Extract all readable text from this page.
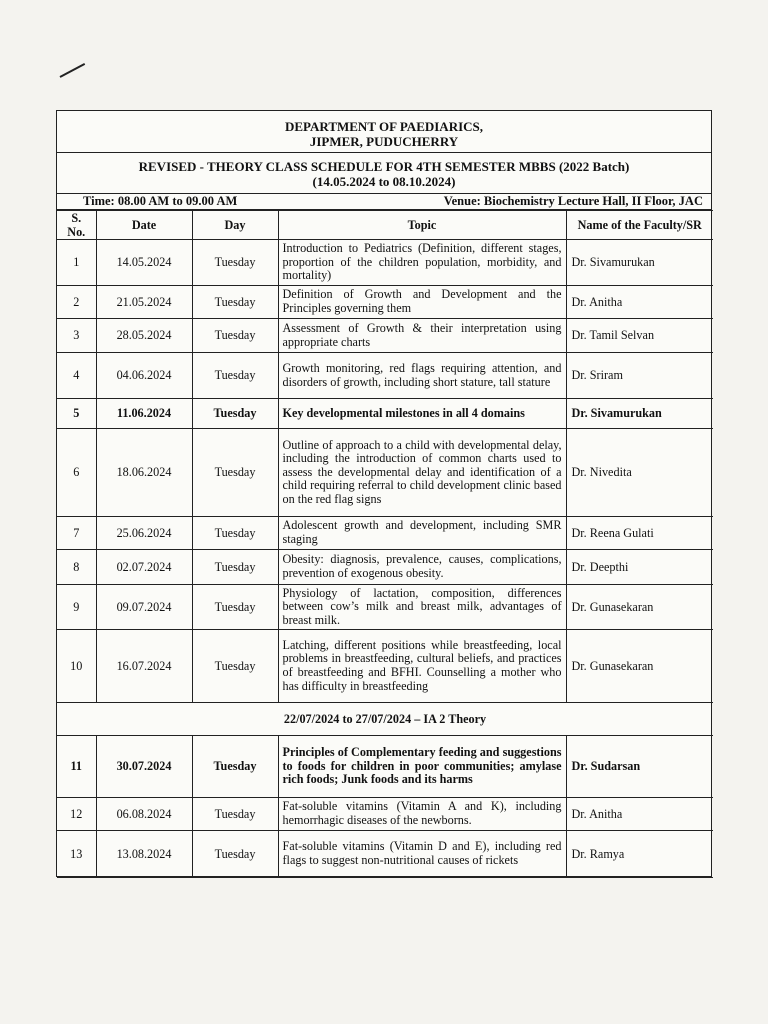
DEPARTMENT OF PAEDIARICS,
JIPMER, PUDUCHERRY
REVISED - THEORY CLASS SCHEDULE FOR 4TH SEMESTER MBBS (2022 Batch)
(14.05.2024 to 08.10.2024)
Time: 08.00 AM to 09.00 AM	Venue: Biochemistry Lecture Hall, II Floor, JAC
S. No.	Date	Day	Topic	Name of the Faculty/SR
1	14.05.2024	Tuesday	Introduction to Pediatrics (Definition, different stages, proportion of the children population, morbidity, and mortality)	Dr. Sivamurukan
2	21.05.2024	Tuesday	Definition of Growth and Development and the Principles governing them	Dr. Anitha
3	28.05.2024	Tuesday	Assessment of Growth & their interpretation using appropriate charts	Dr. Tamil Selvan
4	04.06.2024	Tuesday	Growth monitoring, red flags requiring attention, and disorders of growth, including short stature, tall stature	Dr. Sriram
5	11.06.2024	Tuesday	Key developmental milestones in all 4 domains	Dr. Sivamurukan
6	18.06.2024	Tuesday	Outline of approach to a child with developmental delay, including the introduction of common charts used to assess the developmental delay and identification of a child requiring referral to child development clinic based on the red flag signs	Dr. Nivedita
7	25.06.2024	Tuesday	Adolescent growth and development, including SMR staging	Dr. Reena Gulati
8	02.07.2024	Tuesday	Obesity: diagnosis, prevalence, causes, complications, prevention of exogenous obesity.	Dr. Deepthi
9	09.07.2024	Tuesday	Physiology of lactation, composition, differences between cow’s milk and breast milk, advantages of breast milk.	Dr. Gunasekaran
10	16.07.2024	Tuesday	Latching, different positions while breastfeeding, local problems in breastfeeding, cultural beliefs, and practices of breastfeeding and BFHI. Counselling a mother who has difficulty in breastfeeding	Dr. Gunasekaran
22/07/2024 to 27/07/2024 – IA 2 Theory				
11	30.07.2024	Tuesday	Principles of Complementary feeding and suggestions to foods for children in poor communities; amylase rich foods; Junk foods and its harms	Dr. Sudarsan
12	06.08.2024	Tuesday	Fat-soluble vitamins (Vitamin A and K), including hemorrhagic diseases of the newborns.	Dr. Anitha
13	13.08.2024	Tuesday	Fat-soluble vitamins (Vitamin D and E), including red flags to suggest non-nutritional causes of rickets	Dr. Ramya
